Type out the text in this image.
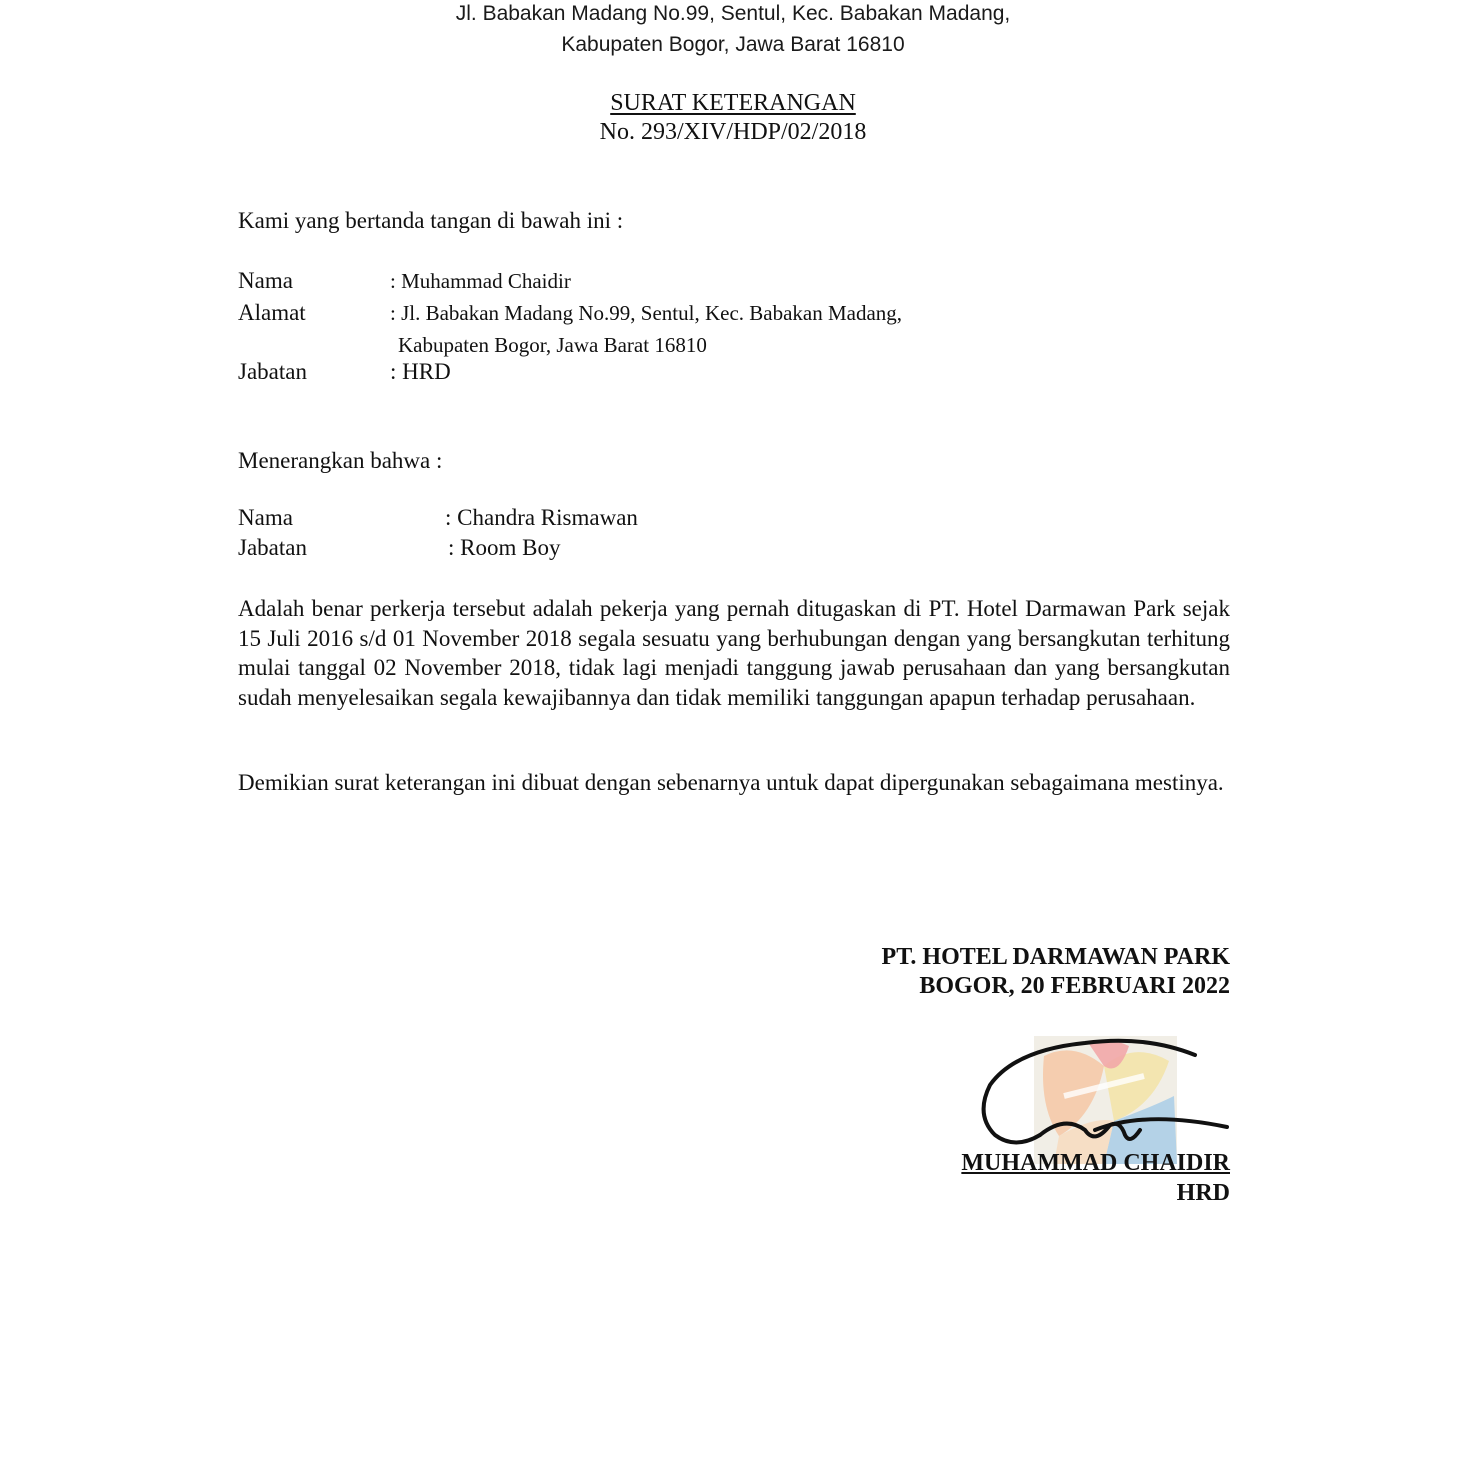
Jl. Babakan Madang No.99, Sentul, Kec. Babakan Madang,
Kabupaten Bogor, Jawa Barat 16810
SURAT KETERANGAN
No. 293/XIV/HDP/02/2018
Kami yang bertanda tangan di bawah ini :
Nama	: Muhammad Chaidir
Alamat	: Jl. Babakan Madang No.99, Sentul, Kec. Babakan Madang,
Kabupaten Bogor, Jawa Barat 16810
Jabatan	: HRD
Menerangkan bahwa :
Nama	: Chandra Rismawan
Jabatan	: Room Boy
Adalah benar perkerja tersebut adalah pekerja yang pernah ditugaskan di PT. Hotel Darmawan Park sejak 15 Juli 2016 s/d 01 November 2018 segala sesuatu yang berhubungan dengan yang bersangkutan terhitung mulai tanggal 02 November 2018, tidak lagi menjadi tanggung jawab perusahaan dan yang bersangkutan sudah menyelesaikan segala kewajibannya dan tidak memiliki tanggungan apapun terhadap perusahaan.
Demikian surat keterangan ini dibuat dengan sebenarnya untuk dapat dipergunakan sebagaimana mestinya.
PT. HOTEL DARMAWAN PARK
BOGOR, 20 FEBRUARI 2022
MUHAMMAD CHAIDIR
HRD
